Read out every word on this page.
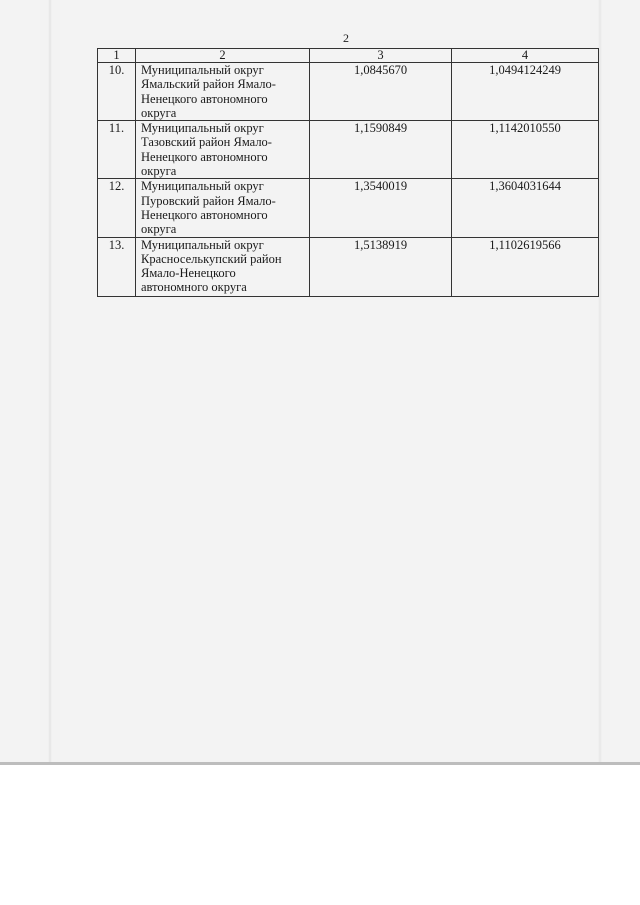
2
1	2	3	4
10.	Муниципальный округ
Ямальский район Ямало-
Ненецкого автономного
округа	1,0845670	1,0494124249
11.	Муниципальный округ
Тазовский район Ямало-
Ненецкого автономного
округа	1,1590849	1,1142010550
12.	Муниципальный округ
Пуровский район Ямало-
Ненецкого автономного
округа	1,3540019	1,3604031644
13.	Муниципальный округ
Красноселькупский район
Ямало-Ненецкого
автономного округа	1,5138919	1,1102619566
